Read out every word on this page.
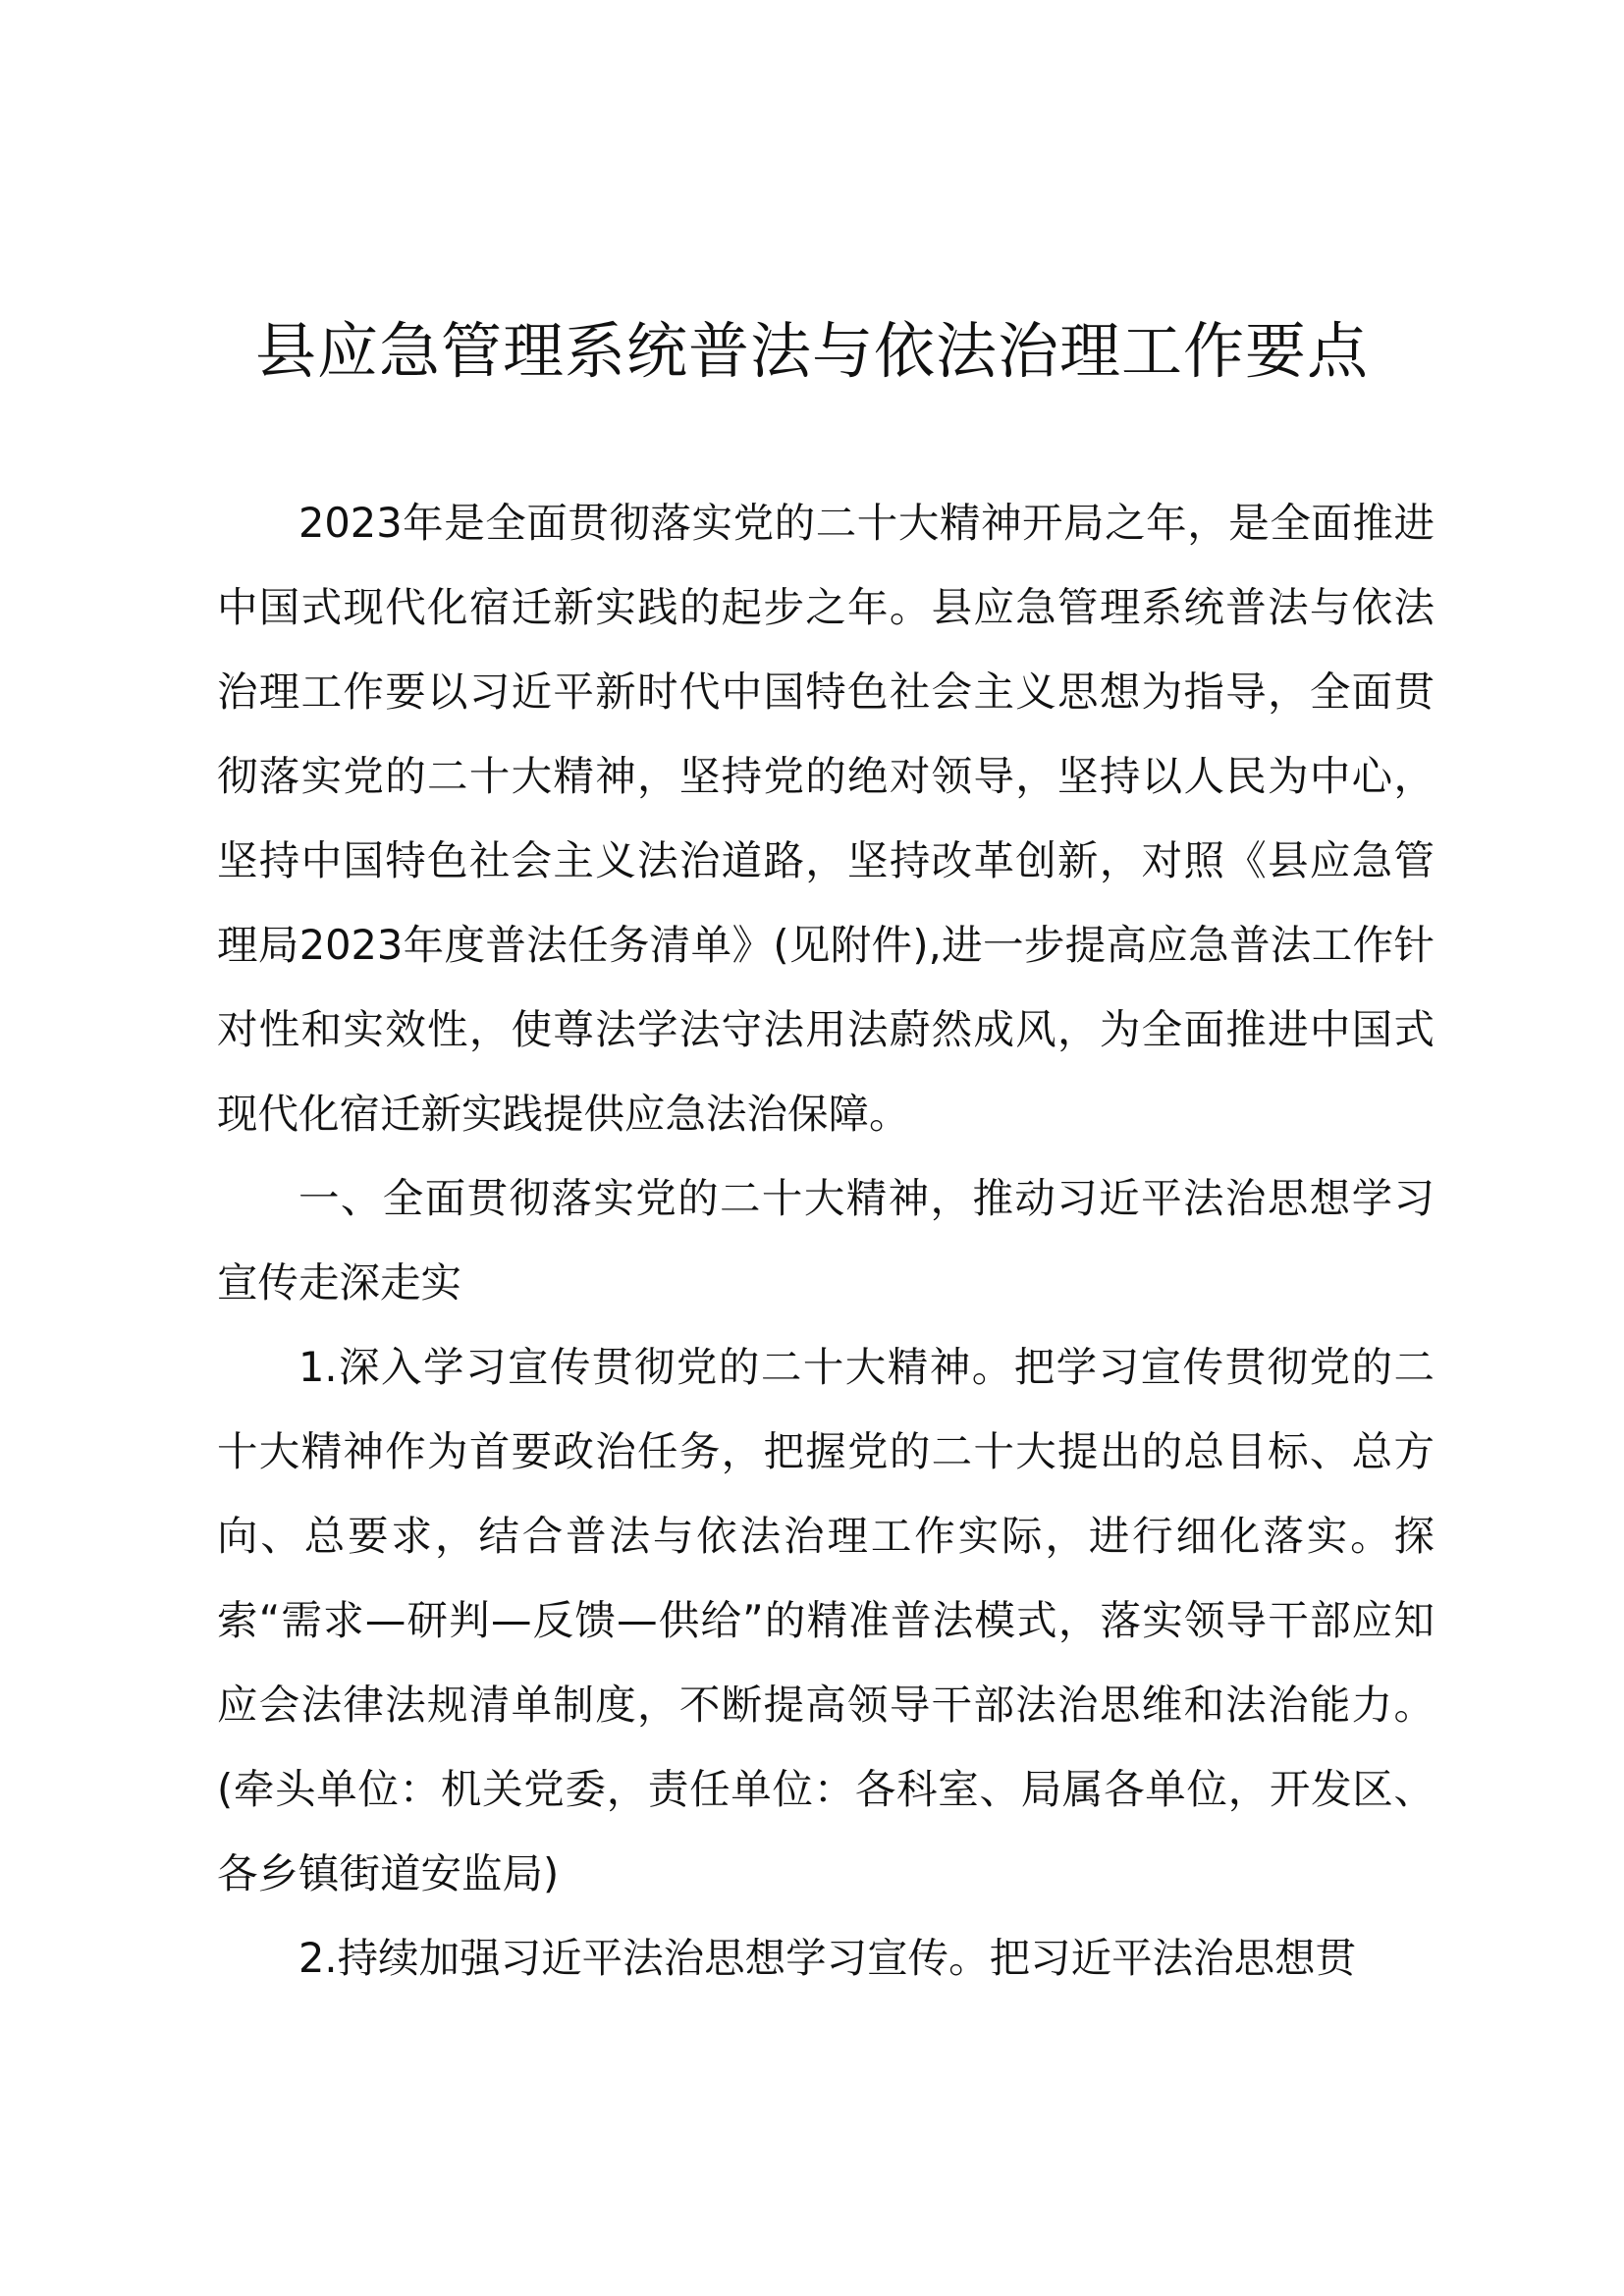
县应急管理系统普法与依法治理工作要点

2023年是全面贯彻落实党的二十大精神开局之年，是全面推进中国式现代化宿迁新实践的起步之年。县应急管理系统普法与依法治理工作要以习近平新时代中国特色社会主义思想为指导，全面贯彻落实党的二十大精神，坚持党的绝对领导，坚持以人民为中心，坚持中国特色社会主义法治道路，坚持改革创新，对照《县应急管理局2023年度普法任务清单》(见附件),进一步提高应急普法工作针对性和实效性，使尊法学法守法用法蔚然成风，为全面推进中国式现代化宿迁新实践提供应急法治保障。

一、全面贯彻落实党的二十大精神，推动习近平法治思想学习宣传走深走实

1.深入学习宣传贯彻党的二十大精神。把学习宣传贯彻党的二十大精神作为首要政治任务，把握党的二十大提出的总目标、总方向、总要求，结合普法与依法治理工作实际，进行细化落实。探索“需求—研判—反馈—供给”的精准普法模式，落实领导干部应知应会法律法规清单制度，不断提高领导干部法治思维和法治能力。(牵头单位：机关党委，责任单位：各科室、局属各单位，开发区、各乡镇街道安监局)

2.持续加强习近平法治思想学习宣传。把习近平法治思想贯
